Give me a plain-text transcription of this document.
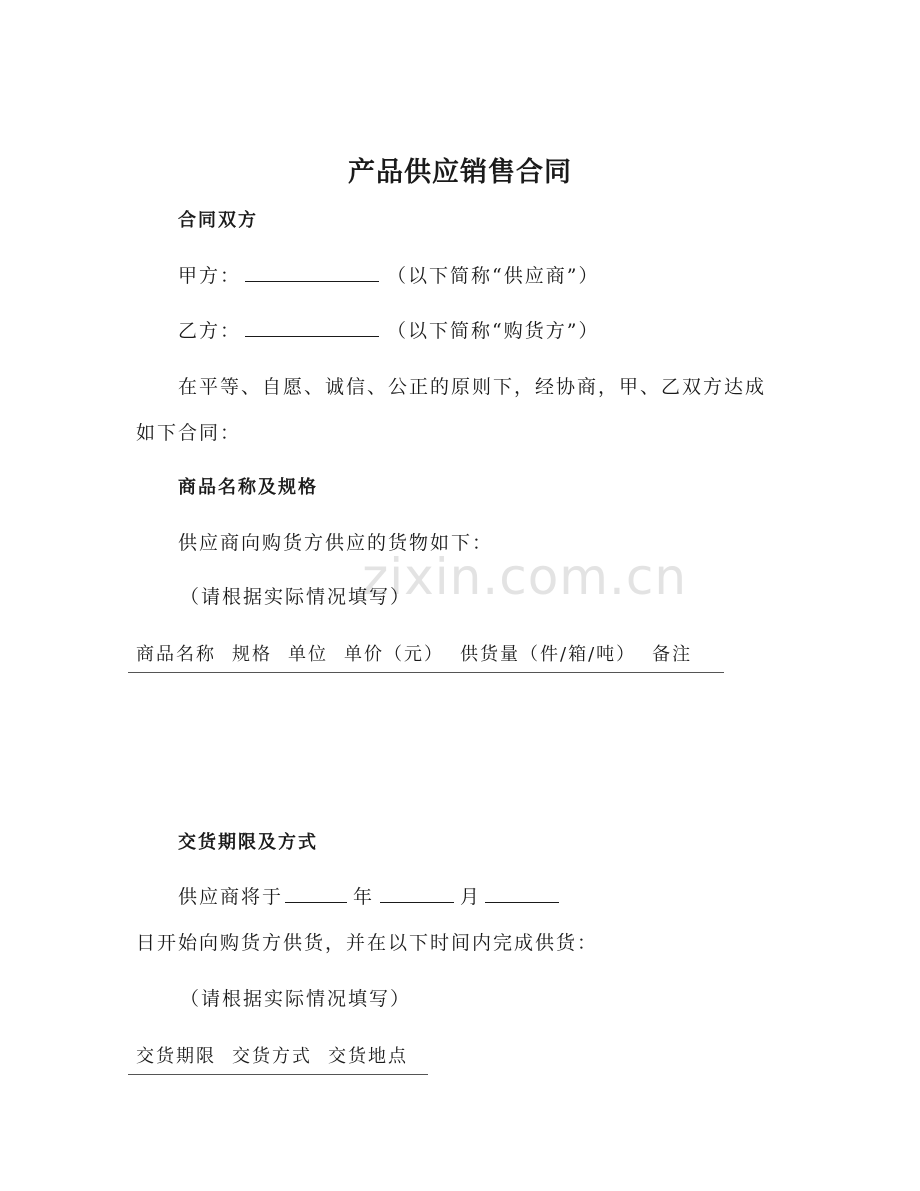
zixin.com.cn
产品供应销售合同
合同双方
甲方：	（以下简称“供应商”）
乙方：	（以下简称“购货方”）
在平等、自愿、诚信、公正的原则下，经协商，甲、乙双方达成
如下合同：
商品名称及规格
供应商向购货方供应的货物如下：
（请根据实际情况填写）
商品名称 规格 单位 单价（元） 供货量（件/箱/吨） 备注
交货期限及方式
供应商将于	年	月
日开始向购货方供货，并在以下时间内完成供货：
（请根据实际情况填写）
交货期限 交货方式 交货地点
